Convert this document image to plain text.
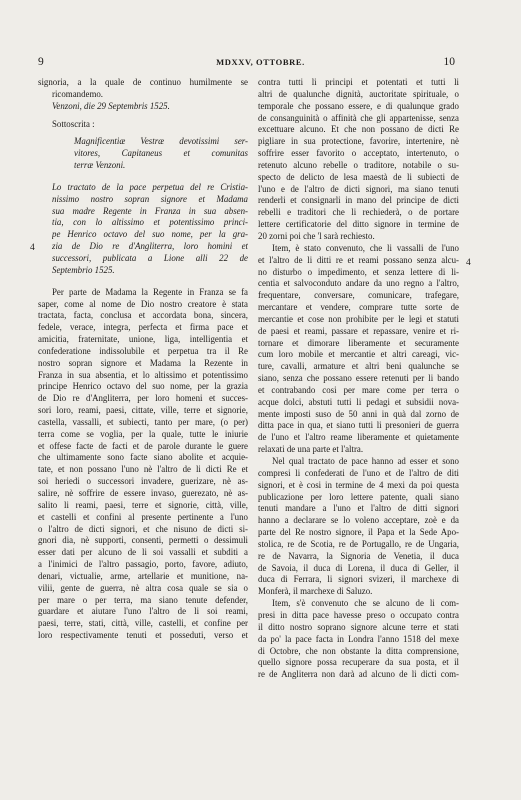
9	MDXXV, OTTOBRE.	10
4
4
signoria, a la quale de continuo humilmente se
ricomandemo.
Venzoni, die 29 Septembris 1525.
Sottoscrita :
Magnificentiæ Vestræ devotissimi ser-
vitores, Capitaneus et comunitas
terræ Venzoni.
Lo tractato de la pace perpetua del re Cristia-
nissimo nostro sopran signore et Madama
sua madre Regente in Franza in sua absen-
tia, con lo altissimo et potentissimo princi-
pe Henrico octavo del suo nome, per la gra-
zia de Dio re d'Angliterra, loro homini et
successori, publicata a Lione alli 22 de
Septembrio 1525.
Per parte de Madama la Regente in Franza se fa
saper, come al nome de Dio nostro creatore è stata
tractata, facta, conclusa et accordata bona, sincera,
fedele, verace, integra, perfecta et firma pace et
amicitia, fraternitate, unione, liga, intelligentia et
confederatione indissolubile et perpetua tra il Re
nostro sopran signore et Madama la Rezente in
Franza in sua absentia, et lo altissimo et potentissimo
principe Henrico octavo del suo nome, per la grazia
de Dio re d'Angliterra, per loro homeni et succes-
sori loro, reami, paesi, cittate, ville, terre et signorie,
castella, vassalli, et subiecti, tanto per mare, (o per)
terra come se voglia, per la quale, tutte le iniurie
et offese facte de facti et de parole durante le guere
che ultimamente sono facte siano abolite et acquie-
tate, et non possano l'uno nè l'altro de li dicti Re et
soi heriedi o successori invadere, guerizare, nè as-
salire, nè soffrire de essere invaso, guerezato, nè as-
salito li reami, paesi, terre et signorie, città, ville,
et castelli et confini al presente pertinente a l'uno
o l'altro de dicti signori, et che nisuno de dicti si-
gnori dia, nè supporti, consenti, permetti o dessimuli
esser dati per alcuno de li soi vassalli et subditi a
a l'inimici de l'altro passagio, porto, favore, adiuto,
denari, victualie, arme, artellarie et munitione, na-
vilii, gente de guerra, nè altra cosa quale se sia o
per mare o per terra, ma siano tenute defender,
guardare et aiutare l'uno l'altro de li soi reami,
paesi, terre, stati, città, ville, castelli, et confine per
loro respectivamente tenuti et posseduti, verso et
contra tutti li principi et potentati et tutti li
altri de qualunche dignità, auctoritate spirituale, o
temporale che possano essere, e di qualunque grado
de consanguinità o affinità che gli appartenisse, senza
excettuare alcuno. Et che non possano de dicti Re
pigliare in sua protectione, favorire, intertenire, nè
soffrire esser favorito o acceptato, intertenuto, o
retenuto alcuno rebelle o traditore, notabile o su-
specto de delicto de lesa maestà de li subiecti de
l'uno e de l'altro de dicti signori, ma siano tenuti
renderli et consignarli in mano del principe de dicti
rebelli e traditori che li rechiederà, o de portare
lettere certificatorie del ditto signore in termine de
20 zorni poi che 'l sarà rechiesto.
Item, è stato convenuto, che li vassalli de l'uno
et l'altro de li ditti re et reami possano senza alcu-
no disturbo o impedimento, et senza lettere di li-
centia et salvoconduto andare da uno regno a l'altro,
frequentare, conversare, comunicare, trafegare,
mercantare et vendere, comprare tutte sorte de
mercantie et cose non prohibite per le legi et statuti
de paesi et reami, passare et repassare, venire et ri-
tornare et dimorare liberamente et securamente
cum loro mobile et mercantie et altri careagi, vic-
ture, cavalli, armature et altri beni qualunche se
siano, senza che possano essere retenuti per li bando
et contrabando cosi per mare come per terra o
acque dolci, abstuti tutti li pedagi et subsidii nova-
mente imposti suso de 50 anni in quà dal zorno de
ditta pace in qua, et siano tutti li presonieri de guerra
de l'uno et l'altro reame liberamente et quietamente
relaxati de una parte et l'altra.
Nel qual tractato de pace hanno ad esser et sono
compresi li confederati de l'uno et de l'altro de diti
signori, et è cosi in termine de 4 mexi da poi questa
publicazione per loro lettere patente, quali siano
tenuti mandare a l'uno et l'altro de ditti signori
hanno a declarare se lo voleno acceptare, zoè e da
parte del Re nostro signore, il Papa et la Sede Apo-
stolica, re de Scotia, re de Portugallo, re de Ungaria,
re de Navarra, la Signoria de Venetia, il duca
de Savoia, il duca di Lorena, il duca di Geller, il
duca di Ferrara, li signori svizeri, il marchexe di
Monferà, il marchexe di Saluzo.
Item, s'è convenuto che se alcuno de li com-
presi in ditta pace havesse preso o occupato contra
il ditto nostro soprano signore alcune terre et stati
da po' la pace facta in Londra l'anno 1518 del mexe
di Octobre, che non obstante la ditta comprensione,
quello signore possa recuperare da sua posta, et il
re de Angliterra non darà ad alcuno de li dicti com-
